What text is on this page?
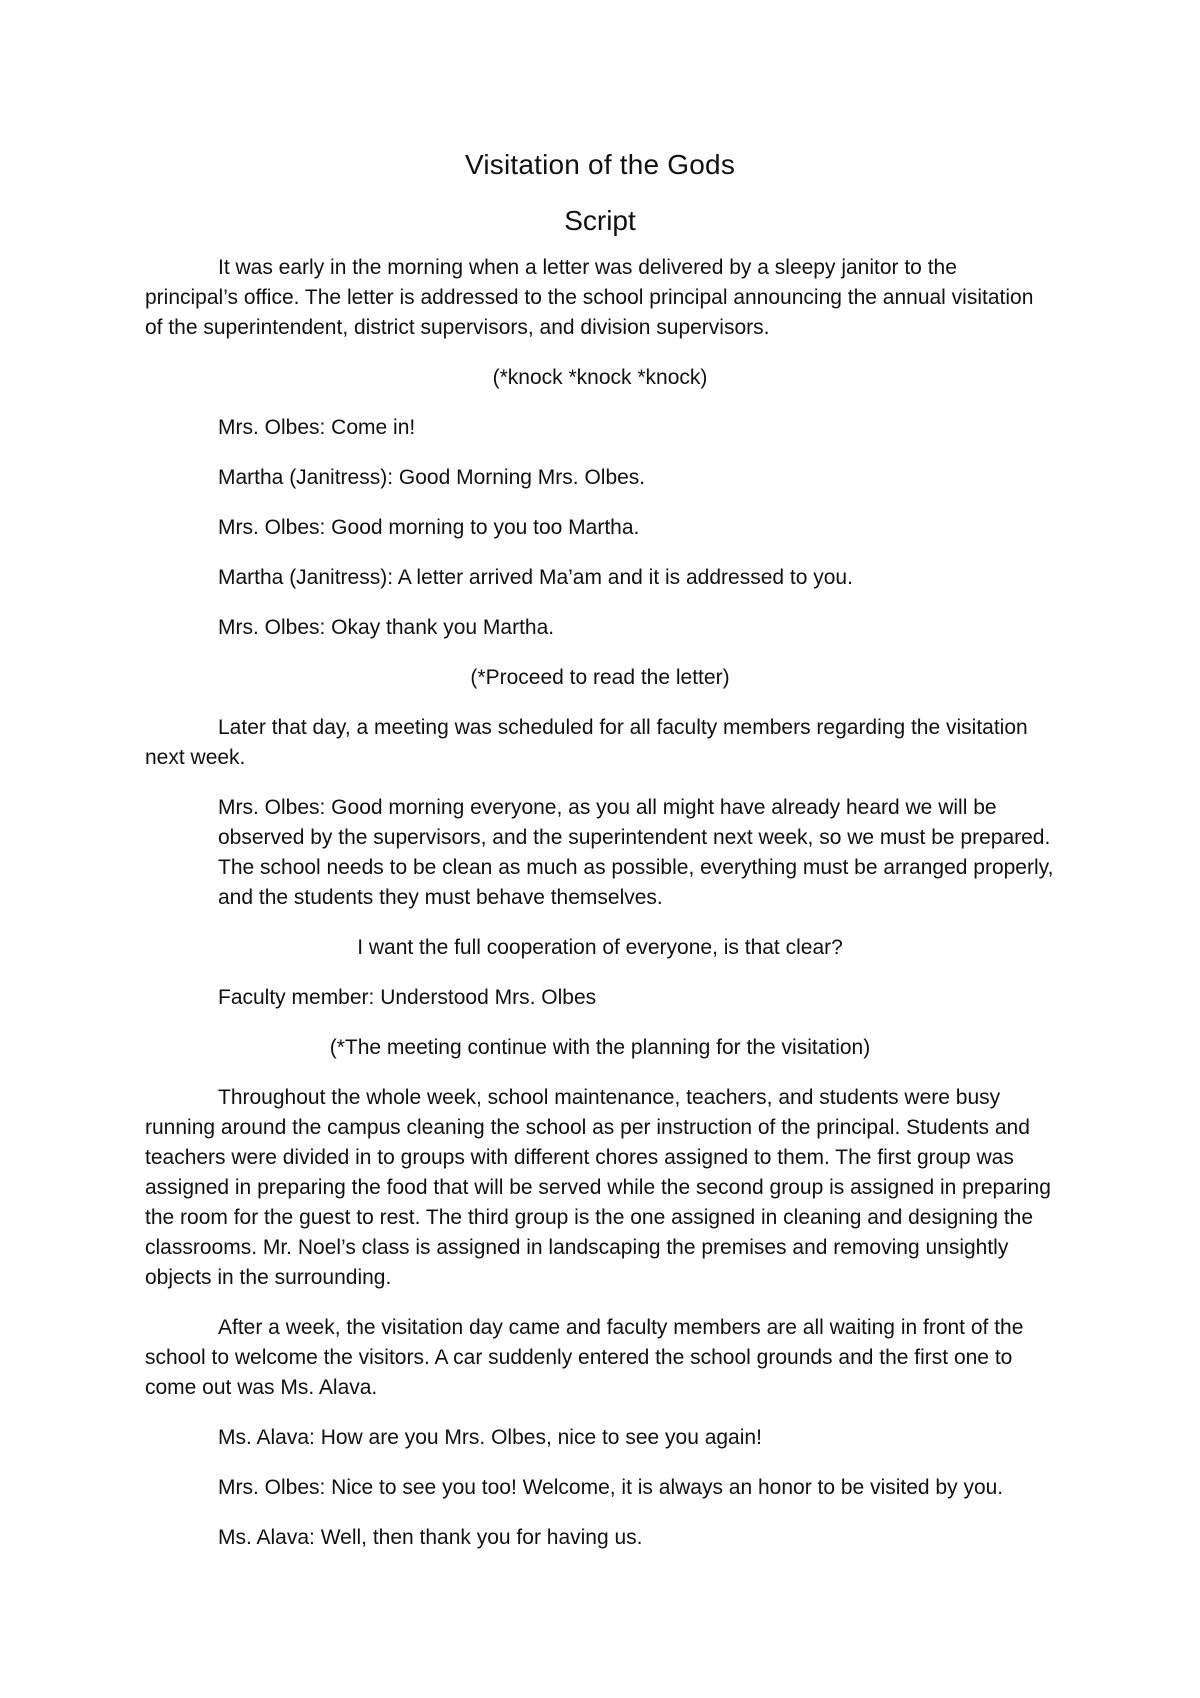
Visitation of the Gods
Script

It was early in the morning when a letter was delivered by a sleepy janitor to the principal’s office. The letter is addressed to the school principal announcing the annual visitation of the superintendent, district supervisors, and division supervisors.

(*knock *knock *knock)

Mrs. Olbes: Come in!

Martha (Janitress): Good Morning Mrs. Olbes.

Mrs. Olbes: Good morning to you too Martha.

Martha (Janitress): A letter arrived Ma’am and it is addressed to you.

Mrs. Olbes: Okay thank you Martha.

(*Proceed to read the letter)

Later that day, a meeting was scheduled for all faculty members regarding the visitation next week.

Mrs. Olbes: Good morning everyone, as you all might have already heard we will be observed by the supervisors, and the superintendent next week, so we must be prepared. The school needs to be clean as much as possible, everything must be arranged properly, and the students they must behave themselves.

I want the full cooperation of everyone, is that clear?

Faculty member: Understood Mrs. Olbes

(*The meeting continue with the planning for the visitation)

Throughout the whole week, school maintenance, teachers, and students were busy running around the campus cleaning the school as per instruction of the principal. Students and teachers were divided in to groups with different chores assigned to them. The first group was assigned in preparing the food that will be served while the second group is assigned in preparing the room for the guest to rest. The third group is the one assigned in cleaning and designing the classrooms. Mr. Noel’s class is assigned in landscaping the premises and removing unsightly objects in the surrounding.

After a week, the visitation day came and faculty members are all waiting in front of the school to welcome the visitors. A car suddenly entered the school grounds and the first one to come out was Ms. Alava.

Ms. Alava: How are you Mrs. Olbes, nice to see you again!

Mrs. Olbes: Nice to see you too! Welcome, it is always an honor to be visited by you.

Ms. Alava: Well, then thank you for having us.
